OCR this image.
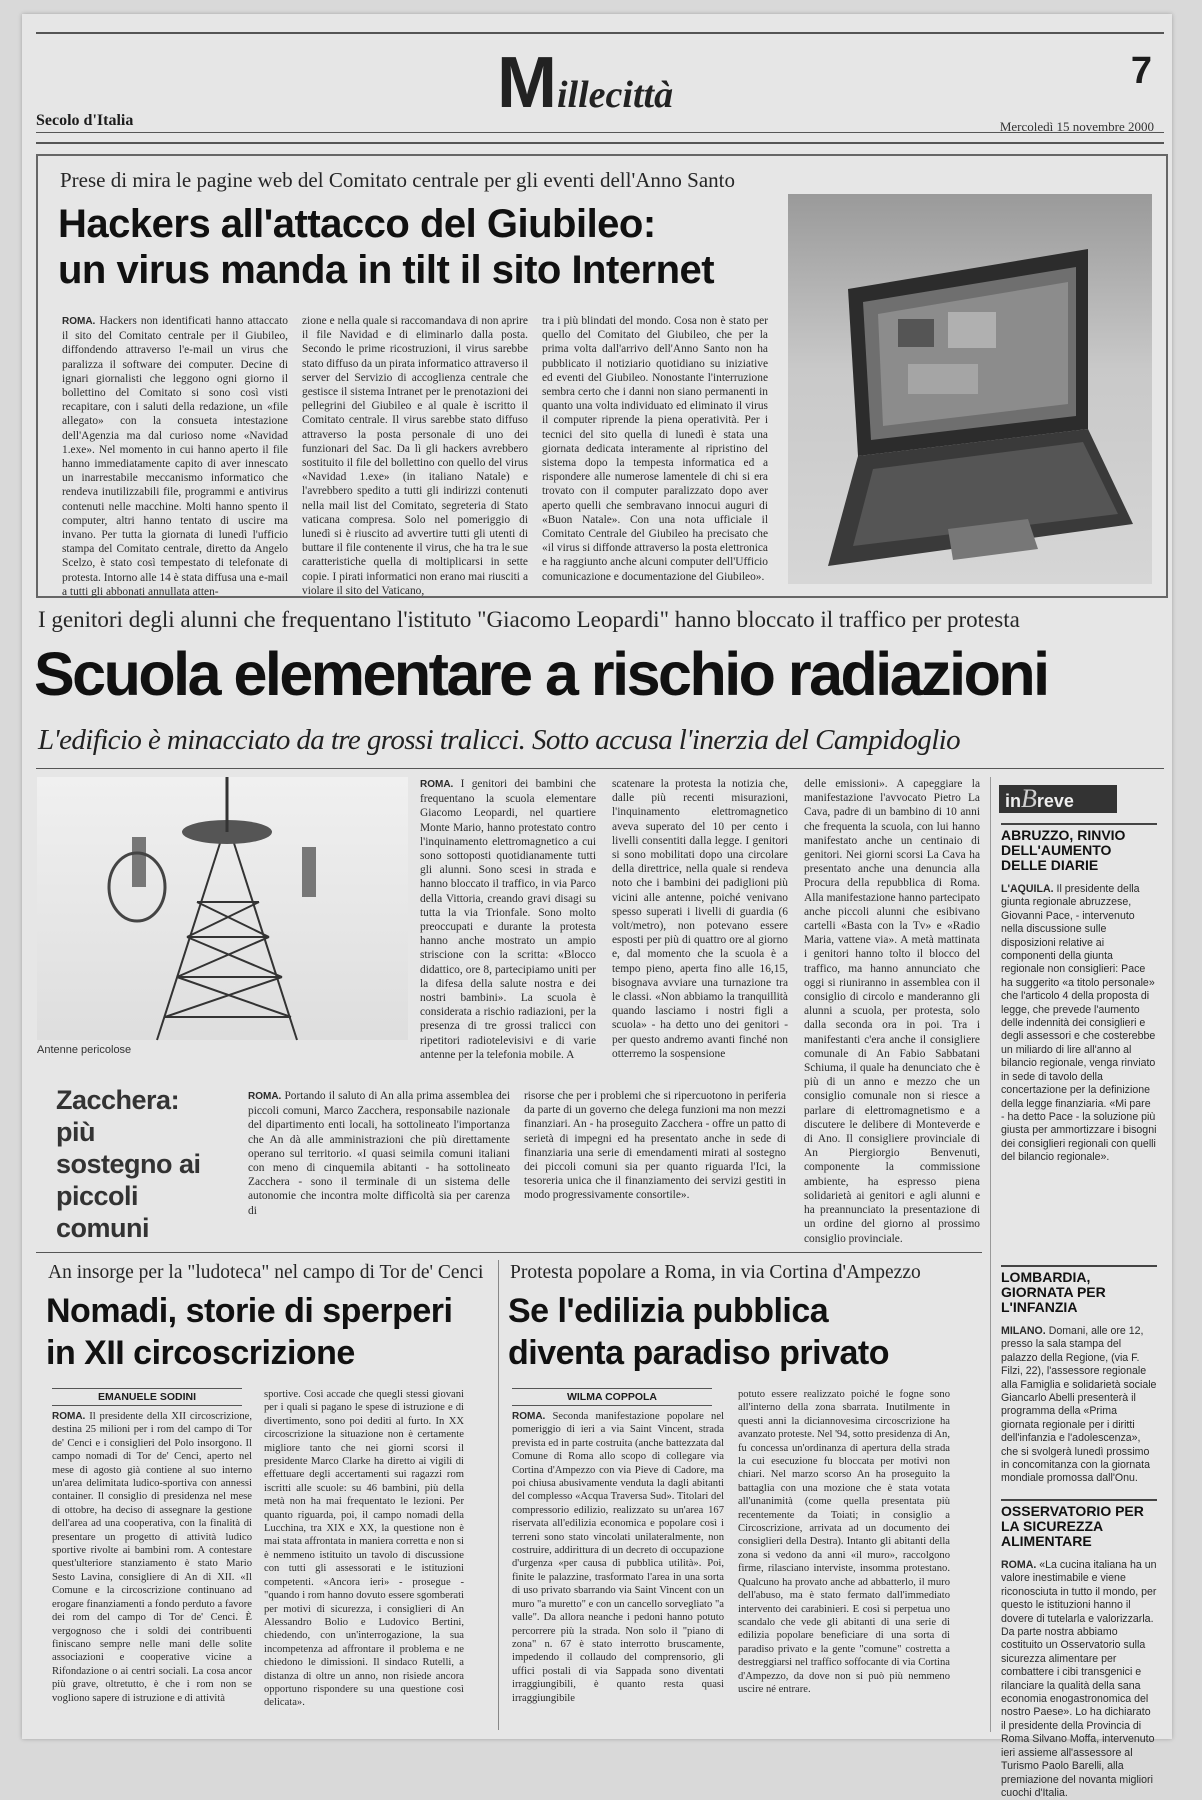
Millecittà
7
Secolo d'Italia	Mercoledì 15 novembre 2000
Prese di mira le pagine web del Comitato centrale per gli eventi dell'Anno Santo
Hackers all'attacco del Giubileo:
un virus manda in tilt il sito Internet
ROMA. Hackers non identificati hanno attaccato il sito del Comitato centrale per il Giubileo, diffondendo attraverso l'e-mail un virus che paralizza il software dei computer. Decine di ignari giornalisti che leggono ogni giorno il bollettino del Comitato si sono così visti recapitare, con i saluti della redazione, un «file allegato» con la consueta intestazione dell'Agenzia ma dal curioso nome «Navidad 1.exe». Nel momento in cui hanno aperto il file hanno immediatamente capito di aver innescato un inarrestabile meccanismo informatico che rendeva inutilizzabili file, programmi e antivirus contenuti nelle macchine. Molti hanno spento il computer, altri hanno tentato di uscire ma invano. Per tutta la giornata di lunedì l'ufficio stampa del Comitato centrale, diretto da Angelo Scelzo, è stato così tempestato di telefonate di protesta. Intorno alle 14 è stata diffusa una e-mail a tutti gli abbonati annullata atten-
zione e nella quale si raccomandava di non aprire il file Navidad e di eliminarlo dalla posta. Secondo le prime ricostruzioni, il virus sarebbe stato diffuso da un pirata informatico attraverso il server del Servizio di accoglienza centrale che gestisce il sistema Intranet per le prenotazioni dei pellegrini del Giubileo e al quale è iscritto il Comitato centrale. Il virus sarebbe stato diffuso attraverso la posta personale di uno dei funzionari del Sac. Da lì gli hackers avrebbero sostituito il file del bollettino con quello del virus «Navidad 1.exe» (in italiano Natale) e l'avrebbero spedito a tutti gli indirizzi contenuti nella mail list del Comitato, segreteria di Stato vaticana compresa. Solo nel pomeriggio di lunedì si è riuscito ad avvertire tutti gli utenti di buttare il file contenente il virus, che ha tra le sue caratteristiche quella di moltiplicarsi in sette copie. I pirati informatici non erano mai riusciti a violare il sito del Vaticano,
tra i più blindati del mondo. Cosa non è stato per quello del Comitato del Giubileo, che per la prima volta dall'arrivo dell'Anno Santo non ha pubblicato il notiziario quotidiano su iniziative ed eventi del Giubileo. Nonostante l'interruzione sembra certo che i danni non siano permanenti in quanto una volta individuato ed eliminato il virus il computer riprende la piena operatività. Per i tecnici del sito quella di lunedì è stata una giornata dedicata interamente al ripristino del sistema dopo la tempesta informatica ed a rispondere alle numerose lamentele di chi si era trovato con il computer paralizzato dopo aver aperto quelli che sembravano innocui auguri di «Buon Natale». Con una nota ufficiale il Comitato Centrale del Giubileo ha precisato che «il virus si diffonde attraverso la posta elettronica e ha raggiunto anche alcuni computer dell'Ufficio comunicazione e documentazione del Giubileo».
I genitori degli alunni che frequentano l'istituto "Giacomo Leopardi" hanno bloccato il traffico per protesta
Scuola elementare a rischio radiazioni
L'edificio è minacciato da tre grossi tralicci. Sotto accusa l'inerzia del Campidoglio
Antenne pericolose
ROMA. I genitori dei bambini che frequentano la scuola elementare Giacomo Leopardi, nel quartiere Monte Mario, hanno protestato contro l'inquinamento elettromagnetico a cui sono sottoposti quotidianamente tutti gli alunni. Sono scesi in strada e hanno bloccato il traffico, in via Parco della Vittoria, creando gravi disagi su tutta la via Trionfale. Sono molto preoccupati e durante la protesta hanno anche mostrato un ampio striscione con la scritta: «Blocco didattico, ore 8, partecipiamo uniti per la difesa della salute nostra e dei nostri bambini». La scuola è considerata a rischio radiazioni, per la presenza di tre grossi tralicci con ripetitori radiotelevisivi e di varie antenne per la telefonia mobile. A
scatenare la protesta la notizia che, dalle più recenti misurazioni, l'inquinamento elettromagnetico aveva superato del 10 per cento i livelli consentiti dalla legge. I genitori si sono mobilitati dopo una circolare della direttrice, nella quale si rendeva noto che i bambini dei padiglioni più vicini alle antenne, poiché venivano spesso superati i livelli di guardia (6 volt/metro), non potevano essere esposti per più di quattro ore al giorno e, dal momento che la scuola è a tempo pieno, aperta fino alle 16,15, bisognava avviare una turnazione tra le classi. «Non abbiamo la tranquillità quando lasciamo i nostri figli a scuola» - ha detto uno dei genitori - per questo andremo avanti finché non otterremo la sospensione
delle emissioni». A capeggiare la manifestazione l'avvocato Pietro La Cava, padre di un bambino di 10 anni che frequenta la scuola, con lui hanno manifestato anche un centinaio di genitori. Nei giorni scorsi La Cava ha presentato anche una denuncia alla Procura della repubblica di Roma. Alla manifestazione hanno partecipato anche piccoli alunni che esibivano cartelli «Basta con la Tv» e «Radio Maria, vattene via». A metà mattinata i genitori hanno tolto il blocco del traffico, ma hanno annunciato che oggi si riuniranno in assemblea con il consiglio di circolo e manderanno gli alunni a scuola, per protesta, solo dalla seconda ora in poi. Tra i manifestanti c'era anche il consigliere comunale di An Fabio Sabbatani Schiuma, il quale ha denunciato che è più di un anno e mezzo che un consiglio comunale non si riesce a parlare di elettromagnetismo e a discutere le delibere di Monteverde e di Ano. Il consigliere provinciale di An Piergiorgio Benvenuti, componente la commissione ambiente, ha espresso piena solidarietà ai genitori e agli alunni e ha preannunciato la presentazione di un ordine del giorno al prossimo consiglio provinciale.
Zacchera: più sostegno ai piccoli comuni
ROMA. Portando il saluto di An alla prima assemblea dei piccoli comuni, Marco Zacchera, responsabile nazionale del dipartimento enti locali, ha sottolineato l'importanza che An dà alle amministrazioni che più direttamente operano sul territorio. «I quasi seimila comuni italiani con meno di cinquemila abitanti - ha sottolineato Zacchera - sono il terminale di un sistema delle autonomie che incontra molte difficoltà sia per carenza di
risorse che per i problemi che si ripercuotono in periferia da parte di un governo che delega funzioni ma non mezzi finanziari. An - ha proseguito Zacchera - offre un patto di serietà di impegni ed ha presentato anche in sede di finanziaria una serie di emendamenti mirati al sostegno dei piccoli comuni sia per quanto riguarda l'Ici, la tesoreria unica che il finanziamento dei servizi gestiti in modo progressivamente consortile».
inBreve
ABRUZZO, RINVIO DELL'AUMENTO DELLE DIARIE
L'AQUILA. Il presidente della giunta regionale abruzzese, Giovanni Pace, - intervenuto nella discussione sulle disposizioni relative ai componenti della giunta regionale non consiglieri: Pace ha suggerito «a titolo personale» che l'articolo 4 della proposta di legge, che prevede l'aumento delle indennità dei consiglieri e degli assessori e che costerebbe un miliardo di lire all'anno al bilancio regionale, venga rinviato in sede di tavolo della concertazione per la definizione della legge finanziaria. «Mi pare - ha detto Pace - la soluzione più giusta per ammortizzare i bisogni dei consiglieri regionali con quelli del bilancio regionale».
LOMBARDIA, GIORNATA PER L'INFANZIA
MILANO. Domani, alle ore 12, presso la sala stampa del palazzo della Regione, (via F. Filzi, 22), l'assessore regionale alla Famiglia e solidarietà sociale Giancarlo Abelli presenterà il programma della «Prima giornata regionale per i diritti dell'infanzia e l'adolescenza», che si svolgerà lunedì prossimo in concomitanza con la giornata mondiale promossa dall'Onu.
OSSERVATORIO PER LA SICUREZZA ALIMENTARE
ROMA. «La cucina italiana ha un valore inestimabile e viene riconosciuta in tutto il mondo, per questo le istituzioni hanno il dovere di tutelarla e valorizzarla. Da parte nostra abbiamo costituito un Osservatorio sulla sicurezza alimentare per combattere i cibi transgenici e rilanciare la qualità della sana economia enogastronomica del nostro Paese». Lo ha dichiarato il presidente della Provincia di Roma Silvano Moffa, intervenuto ieri assieme all'assessore al Turismo Paolo Barelli, alla premiazione del novanta migliori cuochi d'Italia.
An insorge per la "ludoteca" nel campo di Tor de' Cenci
Nomadi, storie di sperperi
in XII circoscrizione
EMANUELE SODINI
ROMA. Il presidente della XII circoscrizione, destina 25 milioni per i rom del campo di Tor de' Cenci e i consiglieri del Polo insorgono. Il campo nomadi di Tor de' Cenci, aperto nel mese di agosto già contiene al suo interno un'area delimitata ludico-sportiva con annessi container. Il consiglio di presidenza nel mese di ottobre, ha deciso di assegnare la gestione dell'area ad una cooperativa, con la finalità di presentare un progetto di attività ludico sportive rivolte ai bambini rom. A contestare quest'ulteriore stanziamento è stato Mario Sesto Lavina, consigliere di An di XII. «Il Comune e la circoscrizione continuano ad erogare finanziamenti a fondo perduto a favore dei rom del campo di Tor de' Cenci. È vergognoso che i soldi dei contribuenti finiscano sempre nelle mani delle solite associazioni e cooperative vicine a Rifondazione o ai centri sociali. La cosa ancor più grave, oltretutto, è che i rom non se vogliono sapere di istruzione e di attività
sportive. Così accade che quegli stessi giovani per i quali si pagano le spese di istruzione e di divertimento, sono poi dediti al furto. In XX circoscrizione la situazione non è certamente migliore tanto che nei giorni scorsi il presidente Marco Clarke ha diretto ai vigili di effettuare degli accertamenti sui ragazzi rom iscritti alle scuole: su 46 bambini, più della metà non ha mai frequentato le lezioni. Per quanto riguarda, poi, il campo nomadi della Lucchina, tra XIX e XX, la questione non è mai stata affrontata in maniera corretta e non si è nemmeno istituito un tavolo di discussione con tutti gli assessorati e le istituzioni competenti. «Ancora ieri» - prosegue - "quando i rom hanno dovuto essere sgomberati per motivi di sicurezza, i consiglieri di An Alessandro Bolio e Ludovico Bertini, chiedendo, con un'interrogazione, la sua incompetenza ad affrontare il problema e ne chiedono le dimissioni. Il sindaco Rutelli, a distanza di oltre un anno, non risiede ancora opportuno rispondere su una questione così delicata».
Protesta popolare a Roma, in via Cortina d'Ampezzo
Se l'edilizia pubblica
diventa paradiso privato
WILMA COPPOLA
ROMA. Seconda manifestazione popolare nel pomeriggio di ieri a via Saint Vincent, strada prevista ed in parte costruita (anche battezzata dal Comune di Roma allo scopo di collegare via Cortina d'Ampezzo con via Pieve di Cadore, ma poi chiusa abusivamente venduta la dagli abitanti del complesso «Acqua Traversa Sud». Titolari del compressorio edilizio, realizzato su un'area 167 riservata all'edilizia economica e popolare così i terreni sono stato vincolati unilateralmente, non costruire, addirittura di un decreto di occupazione d'urgenza «per causa di pubblica utilità». Poi, finite le palazzine, trasformato l'area in una sorta di uso privato sbarrando via Saint Vincent con un muro "a muretto" e con un cancello sorvegliato "a valle". Da allora neanche i pedoni hanno potuto percorrere più la strada. Non solo il "piano di zona" n. 67 è stato interrotto bruscamente, impedendo il collaudo del comprensorio, gli uffici postali di via Sappada sono diventati irraggiungibili, è quanto resta quasi irraggiungibile
potuto essere realizzato poiché le fogne sono all'interno della zona sbarrata. Inutilmente in questi anni la diciannovesima circoscrizione ha avanzato proteste. Nel '94, sotto presidenza di An, fu concessa un'ordinanza di apertura della strada la cui esecuzione fu bloccata per motivi non chiari. Nel marzo scorso An ha proseguito la battaglia con una mozione che è stata votata all'unanimità (come quella presentata più recentemente da Toiati; in consiglio a Circoscrizione, arrivata ad un documento dei consiglieri della Destra). Intanto gli abitanti della zona si vedono da anni «il muro», raccolgono firme, rilasciano interviste, insomma protestano. Qualcuno ha provato anche ad abbatterlo, il muro dell'abuso, ma è stato fermato dall'immediato intervento dei carabinieri. E così si perpetua uno scandalo che vede gli abitanti di una serie di edilizia popolare beneficiare di una sorta di paradiso privato e la gente "comune" costretta a destreggiarsi nel traffico soffocante di via Cortina d'Ampezzo, da dove non si può più nemmeno uscire né entrare.
